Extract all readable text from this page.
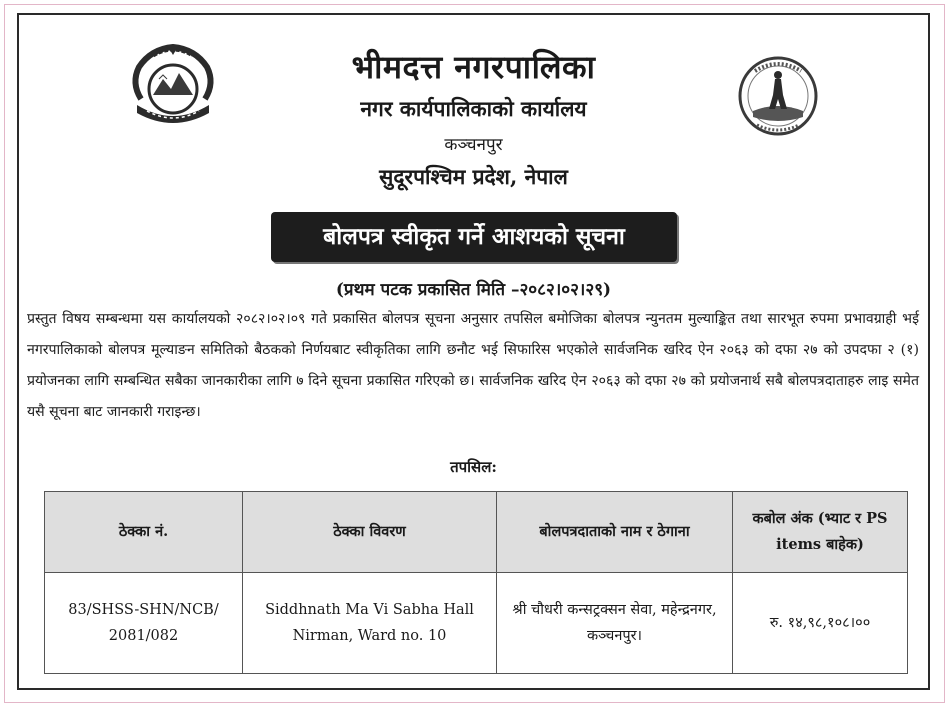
भीमदत्त नगरपालिका
नगर कार्यपालिकाको कार्यालय
कञ्चनपुर
सुदूरपश्चिम प्रदेश, नेपाल
बोलपत्र स्वीकृत गर्ने आशयको सूचना
(प्रथम पटक प्रकासित मिति –२०८२।०२।२९)
प्रस्तुत विषय सम्बन्धमा यस कार्यालयको २०८२।०२।०९ गते प्रकासित बोलपत्र सूचना अनुसार तपसिल बमोजिका बोलपत्र न्युनतम मुल्याङ्कित तथा सारभूत रुपमा प्रभावग्राही भई नगरपालिकाको बोलपत्र मूल्याङन समितिको बैठकको निर्णयबाट स्वीकृतिका लागि छनौट भई सिफारिस भएकोले सार्वजनिक खरिद ऐन २०६३ को दफा २७ को उपदफा २ (१) प्रयोजनका लागि सम्बन्धित सबैका जानकारीका लागि ७ दिने सूचना प्रकासित गरिएको छ। सार्वजनिक खरिद ऐन २०६३ को दफा २७ को प्रयोजनार्थ सबै बोलपत्रदाताहरु लाइ समेत यसै सूचना बाट जानकारी गराइन्छ।
तपसिल:
ठेक्का नं.	ठेक्का विवरण	बोलपत्रदाताको नाम र ठेगाना	कबोल अंक (भ्याट र PS items बाहेक)
83/SHSS-SHN/NCB/ 2081/082	Siddhnath Ma Vi Sabha Hall Nirman, Ward no. 10	श्री चौधरी कन्सट्रक्सन सेवा, महेन्द्रनगर, कञ्चनपुर।	रु. १४,९८,१०८।००
